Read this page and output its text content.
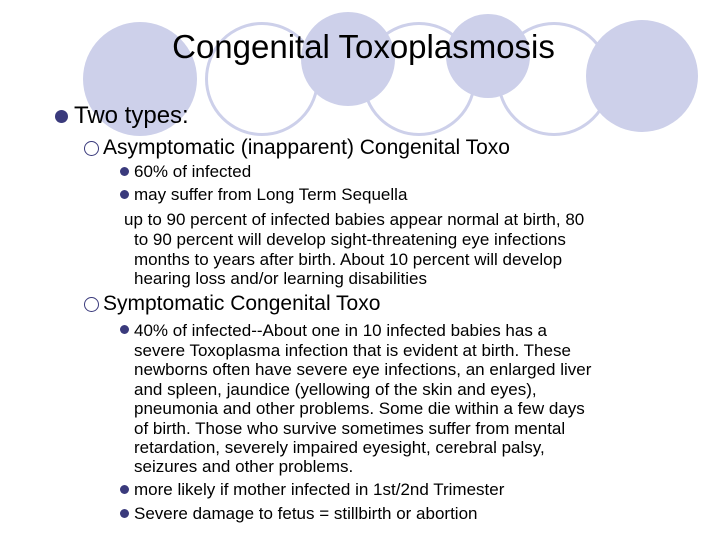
Congenital Toxoplasmosis
Two types:
Asymptomatic (inapparent) Congenital Toxo
60% of infected
may suffer from Long Term Sequella
up to 90 percent of infected babies appear normal at birth, 80
to 90 percent will develop sight-threatening eye infections
months to years after birth. About 10 percent will develop
hearing loss and/or learning disabilities
Symptomatic Congenital Toxo
40% of infected--About one in 10 infected babies has a
severe Toxoplasma infection that is evident at birth. These
newborns often have severe eye infections, an enlarged liver
and spleen, jaundice (yellowing of the skin and eyes),
pneumonia and other problems. Some die within a few days
of birth. Those who survive sometimes suffer from mental
retardation, severely impaired eyesight, cerebral palsy,
seizures and other problems.
more likely if mother infected in 1st/2nd Trimester
Severe damage to fetus = stillbirth or abortion
